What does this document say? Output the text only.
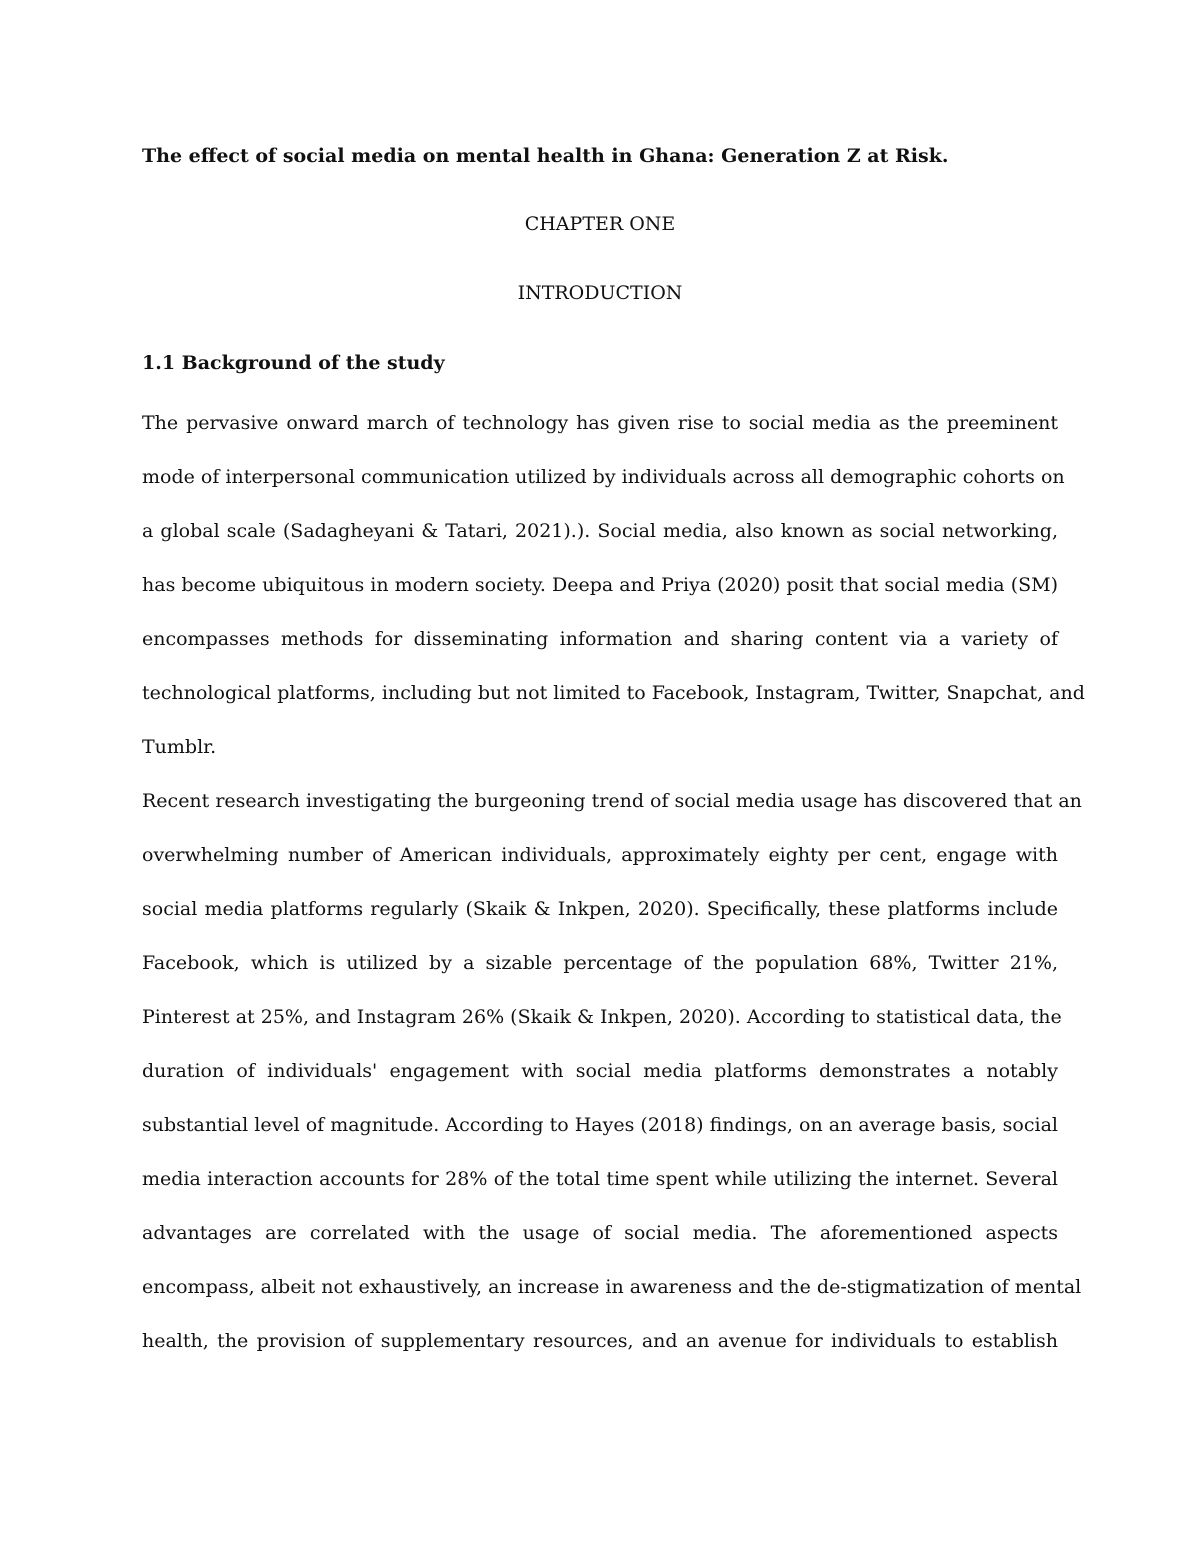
The effect of social media on mental health in Ghana: Generation Z at Risk.

CHAPTER ONE

INTRODUCTION

1.1 Background of the study

The pervasive onward march of technology has given rise to social media as the preeminent
mode of interpersonal communication utilized by individuals across all demographic cohorts on
a global scale (Sadagheyani & Tatari, 2021).). Social media, also known as social networking,
has become ubiquitous in modern society. Deepa and Priya (2020) posit that social media (SM)
encompasses methods for disseminating information and sharing content via a variety of
technological platforms, including but not limited to Facebook, Instagram, Twitter, Snapchat, and
Tumblr.

Recent research investigating the burgeoning trend of social media usage has discovered that an
overwhelming number of American individuals, approximately eighty per cent, engage with
social media platforms regularly (Skaik & Inkpen, 2020). Specifically, these platforms include
Facebook, which is utilized by a sizable percentage of the population 68%, Twitter 21%,
Pinterest at 25%, and Instagram 26% (Skaik & Inkpen, 2020). According to statistical data, the
duration of individuals' engagement with social media platforms demonstrates a notably
substantial level of magnitude. According to Hayes (2018) findings, on an average basis, social
media interaction accounts for 28% of the total time spent while utilizing the internet. Several
advantages are correlated with the usage of social media. The aforementioned aspects
encompass, albeit not exhaustively, an increase in awareness and the de-stigmatization of mental
health, the provision of supplementary resources, and an avenue for individuals to establish
